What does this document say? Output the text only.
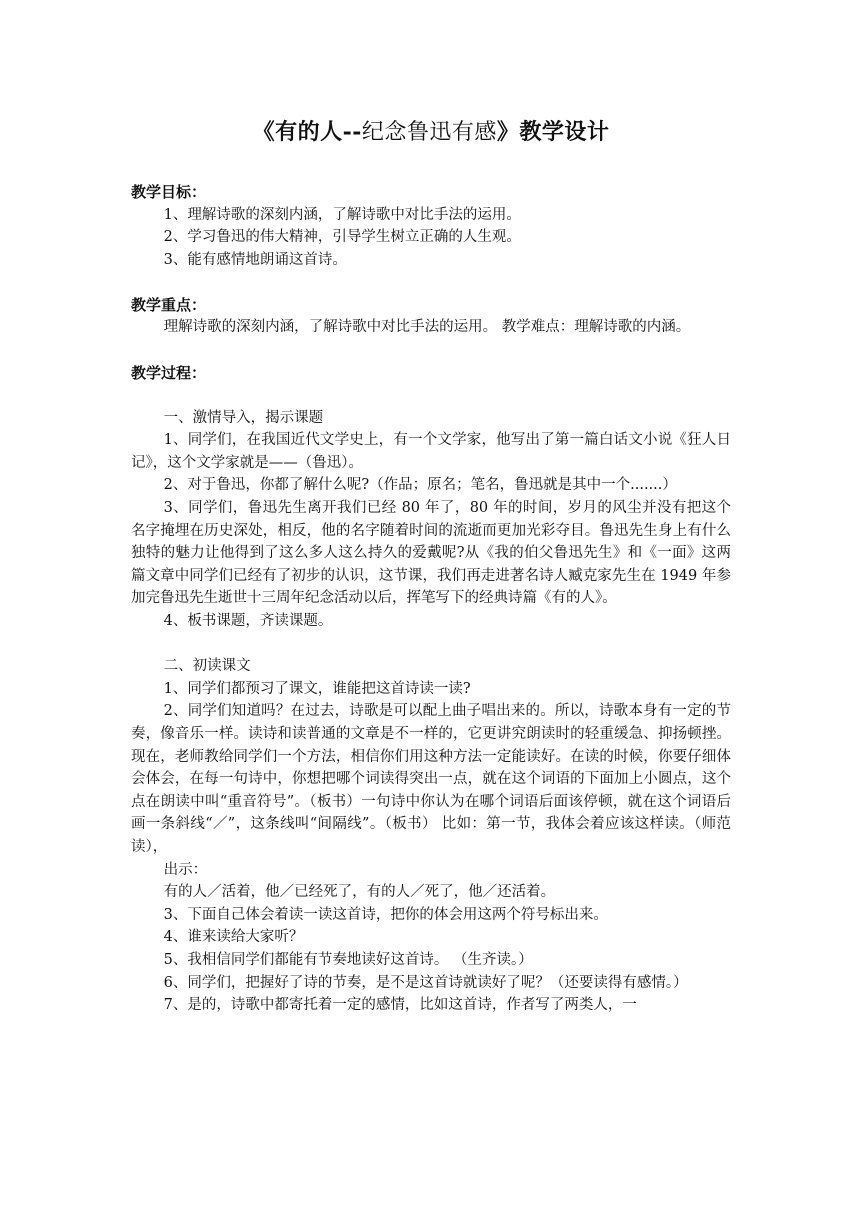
《有的人--纪念鲁迅有感》教学设计

教学目标：

1、理解诗歌的深刻内涵，了解诗歌中对比手法的运用。

2、学习鲁迅的伟大精神，引导学生树立正确的人生观。

3、能有感情地朗诵这首诗。

教学重点：

理解诗歌的深刻内涵，了解诗歌中对比手法的运用。 教学难点：理解诗歌的内涵。

教学过程：

一、激情导入，揭示课题

1、同学们，在我国近代文学史上，有一个文学家，他写出了第一篇白话文小说《狂人日记》，这个文学家就是——（鲁迅）。

2、对于鲁迅，你都了解什么呢?（作品；原名；笔名，鲁迅就是其中一个.......）

3、同学们，鲁迅先生离开我们已经 80 年了，80 年的时间，岁月的风尘并没有把这个名字掩埋在历史深处，相反，他的名字随着时间的流逝而更加光彩夺目。鲁迅先生身上有什么独特的魅力让他得到了这么多人这么持久的爱戴呢?从《我的伯父鲁迅先生》和《一面》这两篇文章中同学们已经有了初步的认识，这节课，我们再走进著名诗人臧克家先生在 1949 年参加完鲁迅先生逝世十三周年纪念活动以后，挥笔写下的经典诗篇《有的人》。

4、板书课题，齐读课题。

二、初读课文

1、同学们都预习了课文，谁能把这首诗读一读?

2、同学们知道吗？在过去，诗歌是可以配上曲子唱出来的。所以，诗歌本身有一定的节奏，像音乐一样。读诗和读普通的文章是不一样的，它更讲究朗读时的轻重缓急、抑扬顿挫。现在，老师教给同学们一个方法，相信你们用这种方法一定能读好。在读的时候，你要仔细体会体会，在每一句诗中，你想把哪个词读得突出一点，就在这个词语的下面加上小圆点，这个点在朗读中叫“重音符号”。（板书）一句诗中你认为在哪个词语后面该停顿，就在这个词语后画一条斜线“／”，这条线叫“间隔线”。（板书） 比如：第一节，我体会着应该这样读。（师范读），

出示：

有的人／活着，他／已经死了，有的人／死了，他／还活着。

3、下面自己体会着读一读这首诗，把你的体会用这两个符号标出来。

4、谁来读给大家听？

5、我相信同学们都能有节奏地读好这首诗。 （生齐读。）

6、同学们，把握好了诗的节奏，是不是这首诗就读好了呢？（还要读得有感情。）

7、是的，诗歌中都寄托着一定的感情，比如这首诗，作者写了两类人，一
